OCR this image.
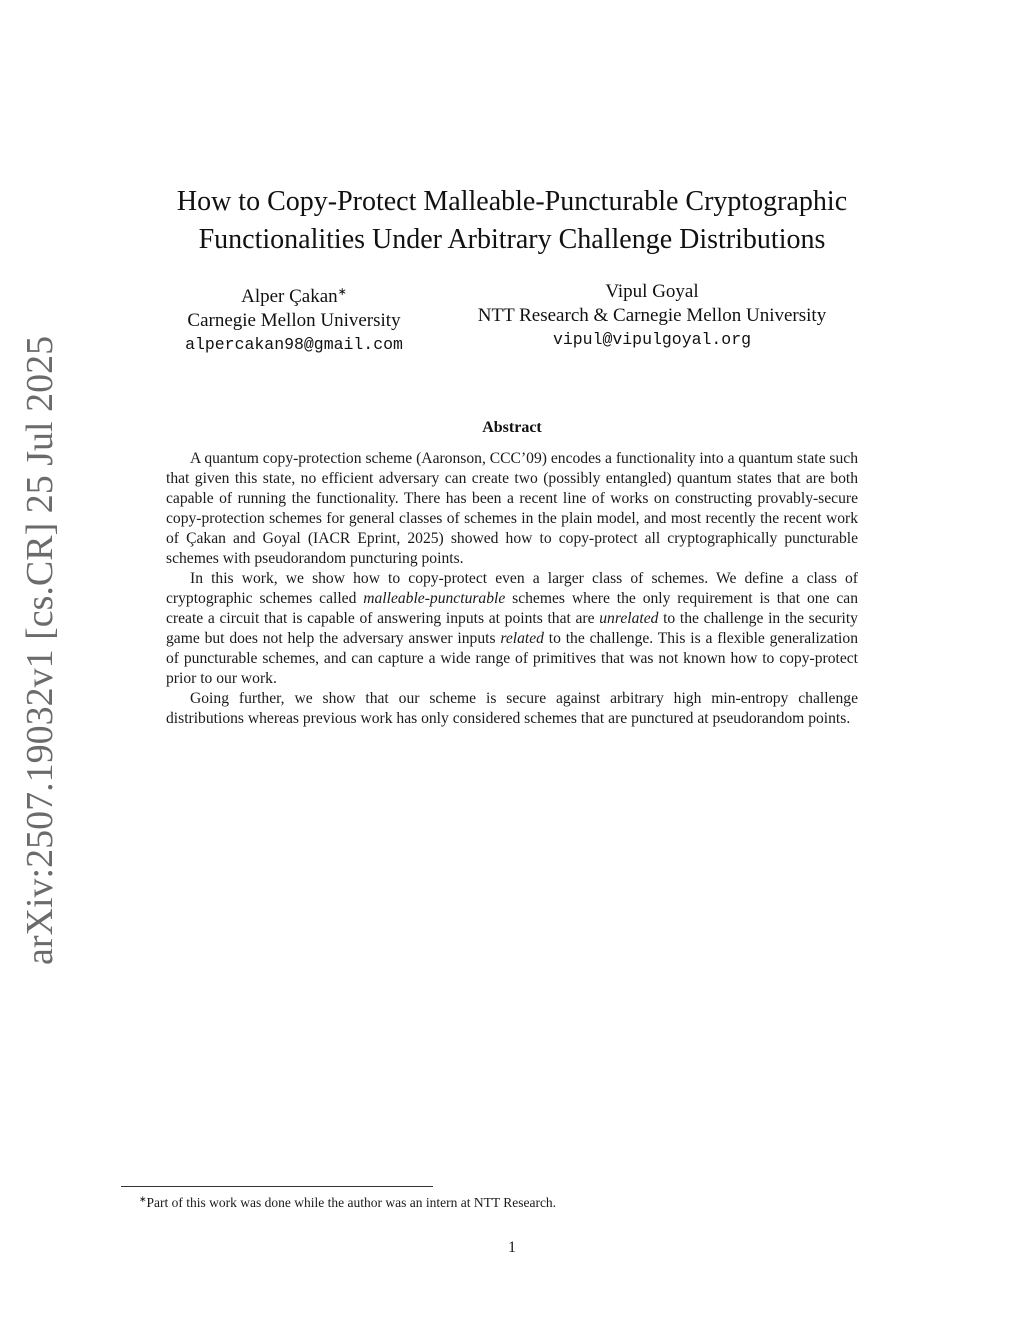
arXiv:2507.19032v1 [cs.CR] 25 Jul 2025
How to Copy-Protect Malleable-Puncturable Cryptographic
Functionalities Under Arbitrary Challenge Distributions
Alper Çakan∗
Carnegie Mellon University
alpercakan98@gmail.com
Vipul Goyal
NTT Research & Carnegie Mellon University
vipul@vipulgoyal.org
Abstract

A quantum copy-protection scheme (Aaronson, CCC’09) encodes a functionality into a quantum state such that given this state, no efficient adversary can create two (possibly entangled) quantum states that are both capable of running the functionality. There has been a recent line of works on constructing provably-secure copy-protection schemes for general classes of schemes in the plain model, and most recently the recent work of Çakan and Goyal (IACR Eprint, 2025) showed how to copy-protect all cryptographically puncturable schemes with pseudorandom puncturing points.

In this work, we show how to copy-protect even a larger class of schemes. We define a class of cryptographic schemes called malleable-puncturable schemes where the only requirement is that one can create a circuit that is capable of answering inputs at points that are unrelated to the challenge in the security game but does not help the adversary answer inputs related to the challenge. This is a flexible generalization of puncturable schemes, and can capture a wide range of primitives that was not known how to copy-protect prior to our work.

Going further, we show that our scheme is secure against arbitrary high min-entropy challenge distributions whereas previous work has only considered schemes that are punctured at pseudorandom points.

∗Part of this work was done while the author was an intern at NTT Research.
1
